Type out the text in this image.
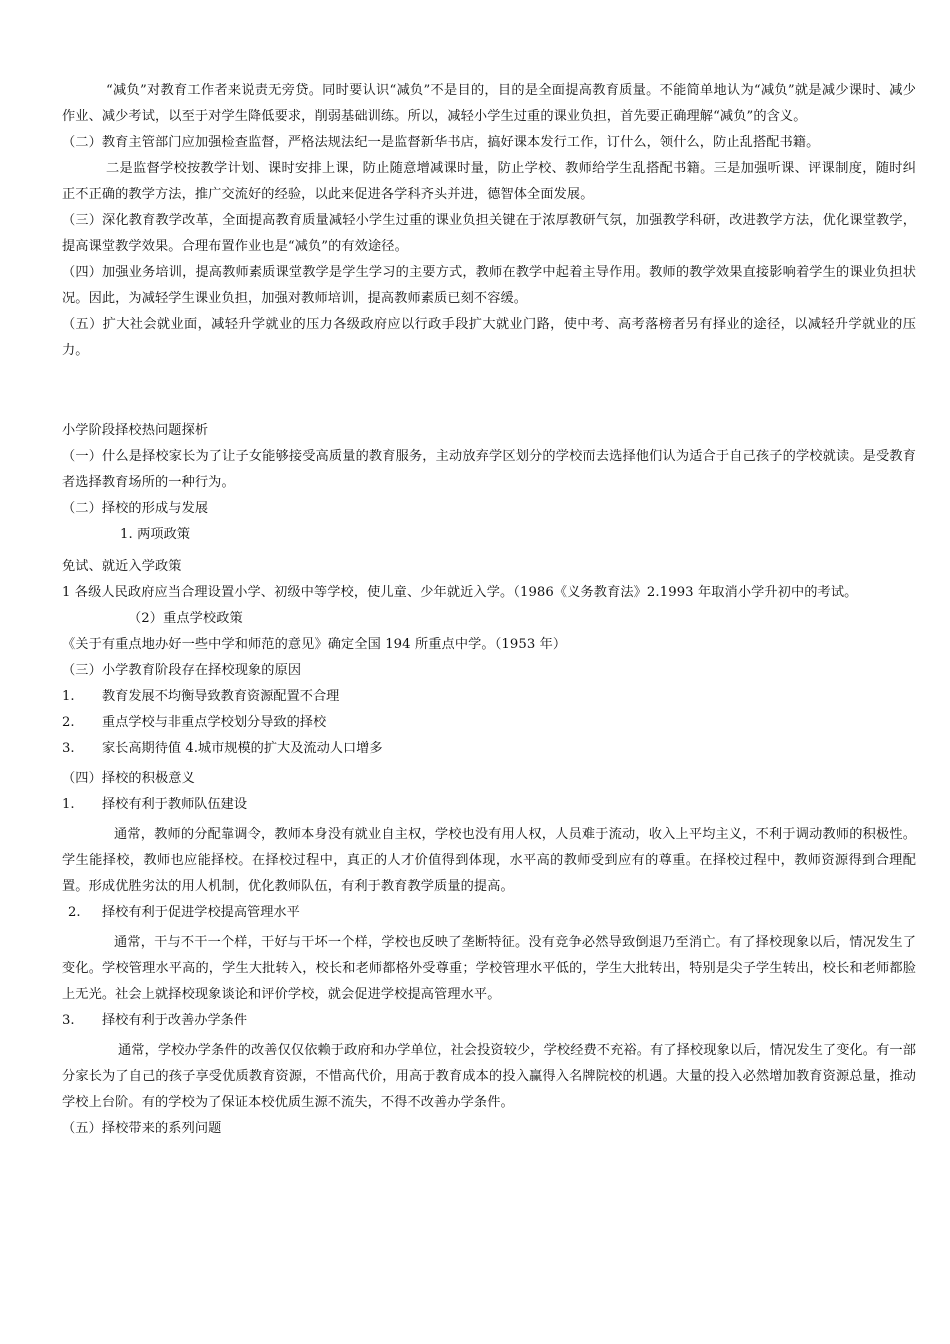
“减负”对教育工作者来说责无旁贷。同时要认识“减负”不是目的，目的是全面提高教育质量。不能简单地认为“减负”就是减少课时、减少作业、减少考试，以至于对学生降低要求，削弱基础训练。所以，减轻小学生过重的课业负担，首先要正确理解“减负”的含义。

（二）教育主管部门应加强检查监督，严格法规法纪一是监督新华书店，搞好课本发行工作，订什么，领什么，防止乱搭配书籍。

二是监督学校按教学计划、课时安排上课，防止随意增减课时量，防止学校、教师给学生乱搭配书籍。三是加强听课、评课制度，随时纠正不正确的教学方法，推广交流好的经验，以此来促进各学科齐头并进，德智体全面发展。

（三）深化教育教学改革，全面提高教育质量减轻小学生过重的课业负担关键在于浓厚教研气氛，加强教学科研，改进教学方法，优化课堂教学，提高课堂教学效果。合理布置作业也是“减负”的有效途径。

（四）加强业务培训，提高教师素质课堂教学是学生学习的主要方式，教师在教学中起着主导作用。教师的教学效果直接影响着学生的课业负担状况。因此，为减轻学生课业负担，加强对教师培训，提高教师素质已刻不容缓。

（五）扩大社会就业面，减轻升学就业的压力各级政府应以行政手段扩大就业门路，使中考、高考落榜者另有择业的途径，以减轻升学就业的压力。

小学阶段择校热问题探析

（一）什么是择校家长为了让子女能够接受高质量的教育服务，主动放弃学区划分的学校而去选择他们认为适合于自己孩子的学校就读。是受教育者选择教育场所的一种行为。

（二）择校的形成与发展

1. 两项政策

免试、就近入学政策

1 各级人民政府应当合理设置小学、初级中等学校，使儿童、少年就近入学。（1986《义务教育法》2.1993 年取消小学升初中的考试。

（2）重点学校政策

《关于有重点地办好一些中学和师范的意见》确定全国 194 所重点中学。（1953 年）

（三）小学教育阶段存在择校现象的原因

1.	教育发展不均衡导致教育资源配置不合理
2.	重点学校与非重点学校划分导致的择校
3.	家长高期待值 4.城市规模的扩大及流动人口增多

（四）择校的积极意义

1.	择校有利于教师队伍建设

通常，教师的分配靠调令，教师本身没有就业自主权，学校也没有用人权，人员难于流动，收入上平均主义，不利于调动教师的积极性。学生能择校，教师也应能择校。在择校过程中，真正的人才价值得到体现，水平高的教师受到应有的尊重。在择校过程中，教师资源得到合理配置。形成优胜劣汰的用人机制，优化教师队伍，有利于教育教学质量的提高。

2.	择校有利于促进学校提高管理水平

通常，干与不干一个样，干好与干坏一个样，学校也反映了垄断特征。没有竞争必然导致倒退乃至消亡。有了择校现象以后，情况发生了变化。学校管理水平高的，学生大批转入，校长和老师都格外受尊重；学校管理水平低的，学生大批转出，特别是尖子学生转出，校长和老师都脸上无光。社会上就择校现象谈论和评价学校，就会促进学校提高管理水平。

3.	择校有利于改善办学条件

通常，学校办学条件的改善仅仅依赖于政府和办学单位，社会投资较少，学校经费不充裕。有了择校现象以后，情况发生了变化。有一部分家长为了自己的孩子享受优质教育资源，不惜高代价，用高于教育成本的投入赢得入名牌院校的机遇。大量的投入必然增加教育资源总量，推动学校上台阶。有的学校为了保证本校优质生源不流失，不得不改善办学条件。

（五）择校带来的系列问题
